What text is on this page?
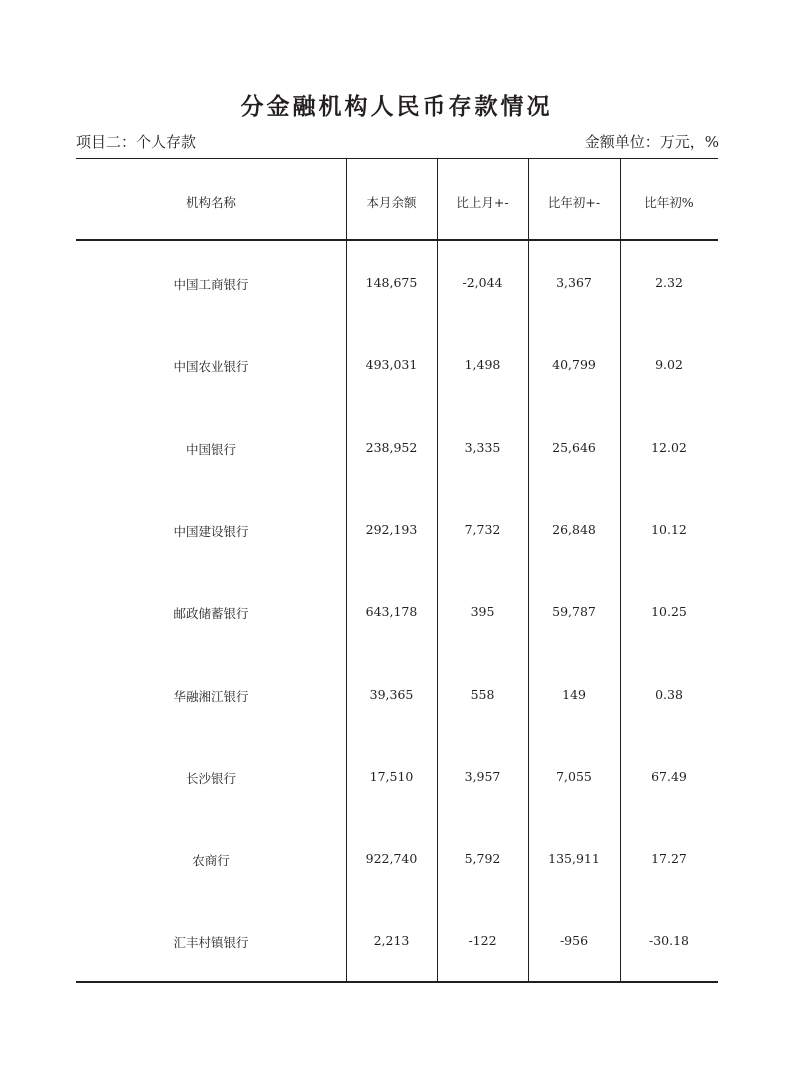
分金融机构人民币存款情况
项目二：个人存款	金额单位：万元，%
机构名称	本月余额	比上月+-	比年初+-	比年初%
中国工商银行	148,675	-2,044	3,367	2.32
中国农业银行	493,031	1,498	40,799	9.02
中国银行	238,952	3,335	25,646	12.02
中国建设银行	292,193	7,732	26,848	10.12
邮政储蓄银行	643,178	395	59,787	10.25
华融湘江银行	39,365	558	149	0.38
长沙银行	17,510	3,957	7,055	67.49
农商行	922,740	5,792	135,911	17.27
汇丰村镇银行	2,213	-122	-956	-30.18
